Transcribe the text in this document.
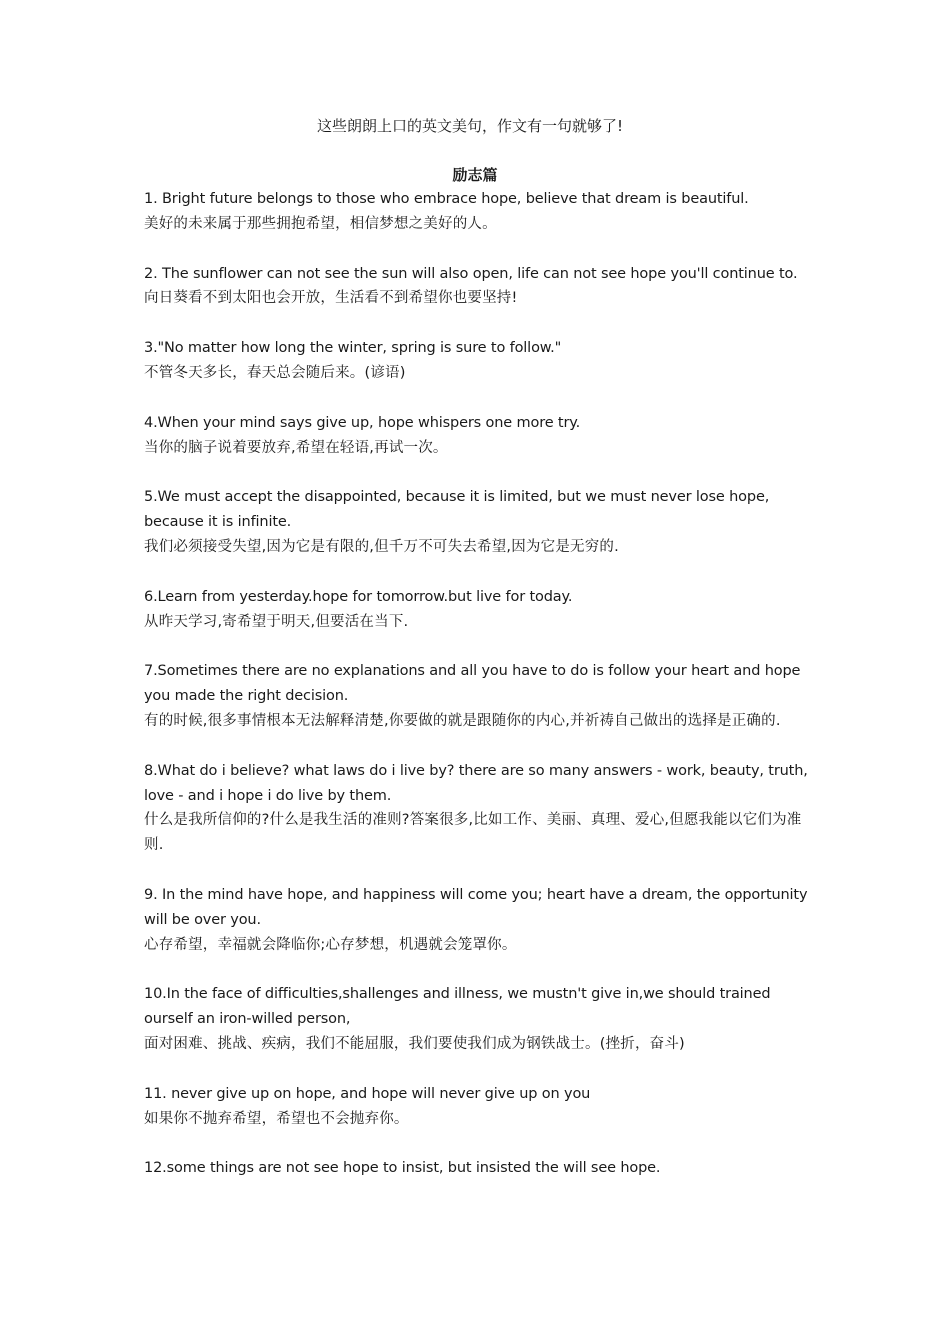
这些朗朗上口的英文美句，作文有一句就够了!
励志篇

1. Bright future belongs to those who embrace hope, believe that dream is beautiful.

美好的未来属于那些拥抱希望，相信梦想之美好的人。

2. The sunflower can not see the sun will also open, life can not see hope you'll continue to.

向日葵看不到太阳也会开放，生活看不到希望你也要坚持!

3."No matter how long the winter, spring is sure to follow."

不管冬天多长，春天总会随后来。(谚语)

4.When your mind says give up, hope whispers one more try.

当你的脑子说着要放弃,希望在轻语,再试一次。

5.We must accept the disappointed, because it is limited, but we must never lose hope, because it is infinite.

我们必须接受失望,因为它是有限的,但千万不可失去希望,因为它是无穷的.

6.Learn from yesterday.hope for tomorrow.but live for today.

从昨天学习,寄希望于明天,但要活在当下.

7.Sometimes there are no explanations and all you have to do is follow your heart and hope you made the right decision.

有的时候,很多事情根本无法解释清楚,你要做的就是跟随你的内心,并祈祷自己做出的选择是正确的.

8.What do i believe? what laws do i live by? there are so many answers - work, beauty, truth, love - and i hope i do live by them.

什么是我所信仰的?什么是我生活的准则?答案很多,比如工作、美丽、真理、爱心,但愿我能以它们为准则.

9. In the mind have hope, and happiness will come you; heart have a dream, the opportunity will be over you.

心存希望，幸福就会降临你;心存梦想，机遇就会笼罩你。

10.In the face of difficulties,shallenges and illness, we mustn't give in,we should trained ourself an iron-willed person,

面对困难、挑战、疾病，我们不能屈服，我们要使我们成为钢铁战士。(挫折，奋斗)

11. never give up on hope, and hope will never give up on you

如果你不抛弃希望，希望也不会抛弃你。

12.some things are not see hope to insist, but insisted the will see hope.
